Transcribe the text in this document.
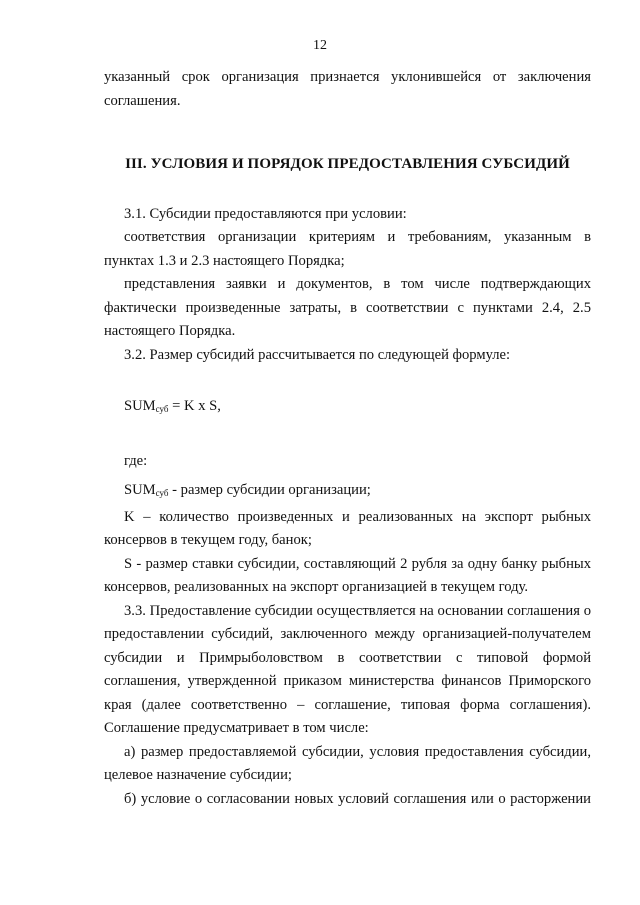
12

указанный срок организация признается уклонившейся от заключения

соглашения.

III. УСЛОВИЯ И ПОРЯДОК ПРЕДОСТАВЛЕНИЯ СУБСИДИЙ

3.1. Субсидии предоставляются при условии:

соответствия организации критериям и требованиям, указанным в пунктах 1.3 и 2.3 настоящего Порядка;

представления заявки и документов, в том числе подтверждающих фактически произведенные затраты, в соответствии с пунктами 2.4, 2.5 настоящего Порядка.

3.2. Размер субсидий рассчитывается по следующей формуле:

$SUM_{суб} = K$ x S,

где:

$SUM_{суб}$ - размер субсидии организации;

K – количество произведенных и реализованных на экспорт рыбных консервов в текущем году, банок;

S - размер ставки субсидии, составляющий 2 рубля за одну банку рыбных консервов, реализованных на экспорт организацией в текущем году.

3.3. Предоставление субсидии осуществляется на основании соглашения о предоставлении субсидий, заключенного между организацией-получателем субсидии и Примрыболовством в соответствии с типовой формой соглашения, утвержденной приказом министерства финансов Приморского края (далее соответственно – соглашение, типовая форма соглашения). Соглашение предусматривает в том числе:

а) размер предоставляемой субсидии, условия предоставления субсидии, целевое назначение субсидии;

б) условие о согласовании новых условий соглашения или о расторжении
